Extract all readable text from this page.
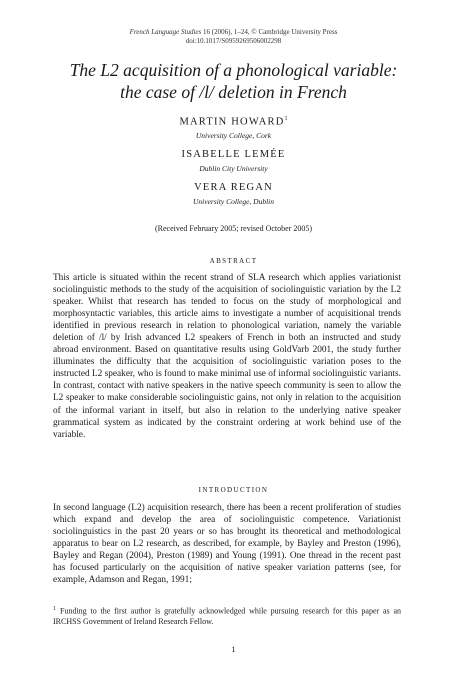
French Language Studies 16 (2006), 1–24, © Cambridge University Press
doi:10.1017/S0959269506002298
The L2 acquisition of a phonological variable:
the case of /l/ deletion in French
MARTIN HOWARD$^1$
University College, Cork
ISABELLE LEMÉE
Dublin City University
VERA REGAN
University College, Dublin
(Received February 2005; revised October 2005)
ABSTRACT

This article is situated within the recent strand of SLA research which applies variationist sociolinguistic methods to the study of the acquisition of sociolinguistic variation by the L2 speaker. Whilst that research has tended to focus on the study of morphological and morphosyntactic variables, this article aims to investigate a number of acquisitional trends identified in previous research in relation to phonological variation, namely the variable deletion of /l/ by Irish advanced L2 speakers of French in both an instructed and study abroad environment. Based on quantitative results using GoldVarb 2001, the study further illuminates the difficulty that the acquisition of sociolinguistic variation poses to the instructed L2 speaker, who is found to make minimal use of informal sociolinguistic variants. In contrast, contact with native speakers in the native speech community is seen to allow the L2 speaker to make considerable sociolinguistic gains, not only in relation to the acquisition of the informal variant in itself, but also in relation to the underlying native speaker grammatical system as indicated by the constraint ordering at work behind use of the variable.

INTRODUCTION

In second language (L2) acquisition research, there has been a recent proliferation of studies which expand and develop the area of sociolinguistic competence. Variationist sociolinguistics in the past 20 years or so has brought its theoretical and methodological apparatus to bear on L2 research, as described, for example, by Bayley and Preston (1996), Bayley and Regan (2004), Preston (1989) and Young (1991). One thread in the recent past has focused particularly on the acquisition of native speaker variation patterns (see, for example, Adamson and Regan, 1991;

$^1$ Funding to the first author is gratefully acknowledged while pursuing research for this paper as an IRCHSS Government of Ireland Research Fellow.

1
